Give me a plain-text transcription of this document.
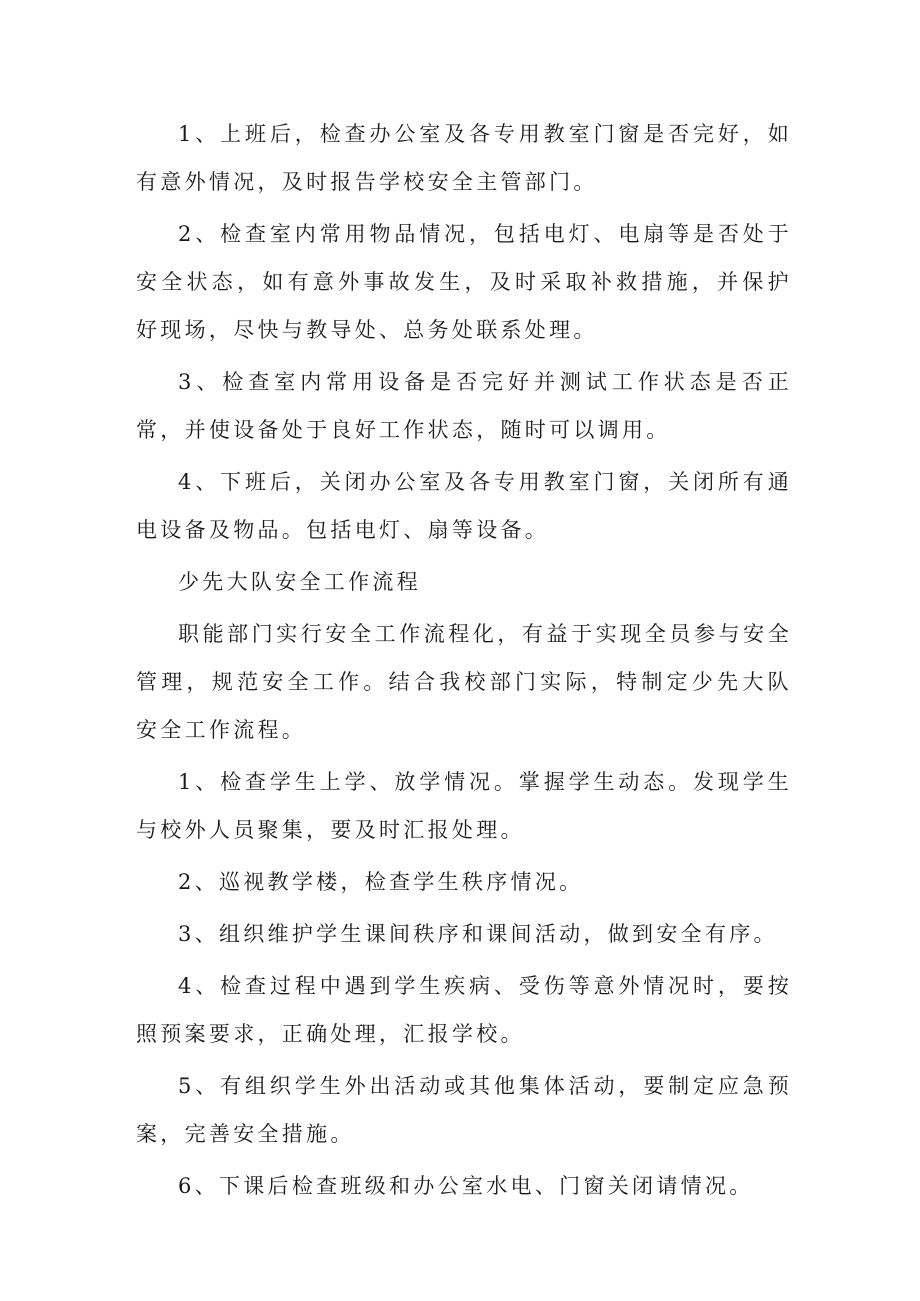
1、上班后，检查办公室及各专用教室门窗是否完好，如有意外情况，及时报告学校安全主管部门。

2、检查室内常用物品情况，包括电灯、电扇等是否处于安全状态，如有意外事故发生，及时采取补救措施，并保护好现场，尽快与教导处、总务处联系处理。

3、检查室内常用设备是否完好并测试工作状态是否正常，并使设备处于良好工作状态，随时可以调用。

4、下班后，关闭办公室及各专用教室门窗，关闭所有通电设备及物品。包括电灯、扇等设备。

少先大队安全工作流程

职能部门实行安全工作流程化，有益于实现全员参与安全管理，规范安全工作。结合我校部门实际，特制定少先大队安全工作流程。

1、检查学生上学、放学情况。掌握学生动态。发现学生与校外人员聚集，要及时汇报处理。

2、巡视教学楼，检查学生秩序情况。

3、组织维护学生课间秩序和课间活动，做到安全有序。

4、检查过程中遇到学生疾病、受伤等意外情况时，要按照预案要求，正确处理，汇报学校。

5、有组织学生外出活动或其他集体活动，要制定应急预案，完善安全措施。

6、下课后检查班级和办公室水电、门窗关闭请情况。
